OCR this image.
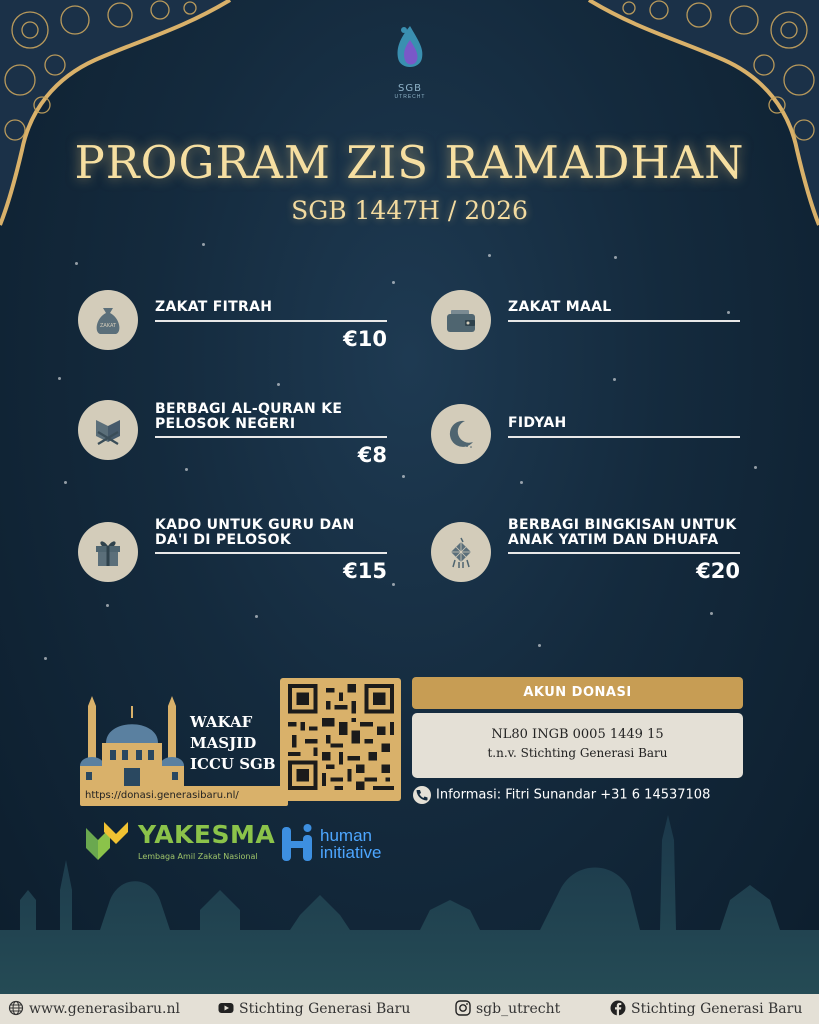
SGB
UTRECHT
PROGRAM ZIS RAMADHAN
SGB 1447H / 2026
ZAKAT
ZAKAT FITRAH
€10
ZAKAT MAAL
BERBAGI AL-QURAN KE PELOSOK NEGERI
€8
FIDYAH
KADO UNTUK GURU DAN DA'I DI PELOSOK
€15
BERBAGI BINGKISAN UNTUK ANAK YATIM DAN DHUAFA
€20
WAKAF
MASJID
ICCU SGB
https://donasi.generasibaru.nl/
AKUN DONASI
NL80 INGB 0005 1449 15
t.n.v. Stichting Generasi Baru
Informasi: Fitri Sunandar +31 6 14537108
YAKESMA
Lembaga Amil Zakat Nasional
human
initiative
www.generasibaru.nl	Stichting Generasi Baru	sgb_utrecht	Stichting Generasi Baru
